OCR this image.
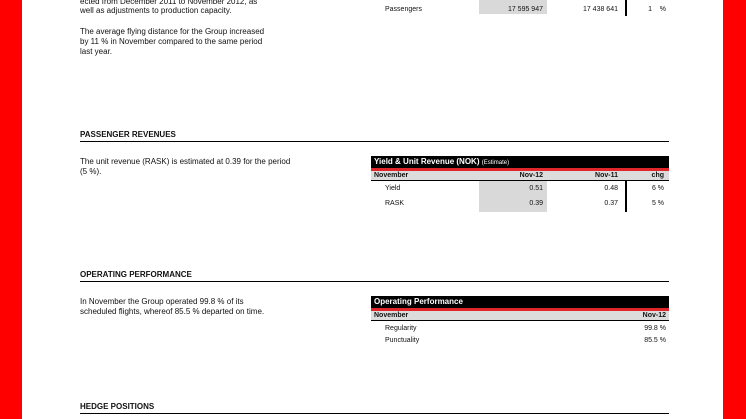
ected from December 2011 to November 2012, as
well as adjustments to production capacity.
The average flying distance for the Group increased
by 11 % in November compared to the same period
last year.
Passengers	17 595 947	17 438 641	1	%
PASSENGER REVENUES
The unit revenue (RASK) is estimated at 0.39 for the period
(5 %).
Yield & Unit Revenue (NOK) (Estimate)
November	Nov-12	Nov-11	chg
Yield	0.51	0.48	6 %
RASK	0.39	0.37	5 %
OPERATING PERFORMANCE
In November the Group operated 99.8 % of its
scheduled flights, whereof 85.5 % departed on time.
Operating Performance
November	Nov-12
Regularity	99.8 %
Punctuality	85.5 %
HEDGE POSITIONS
